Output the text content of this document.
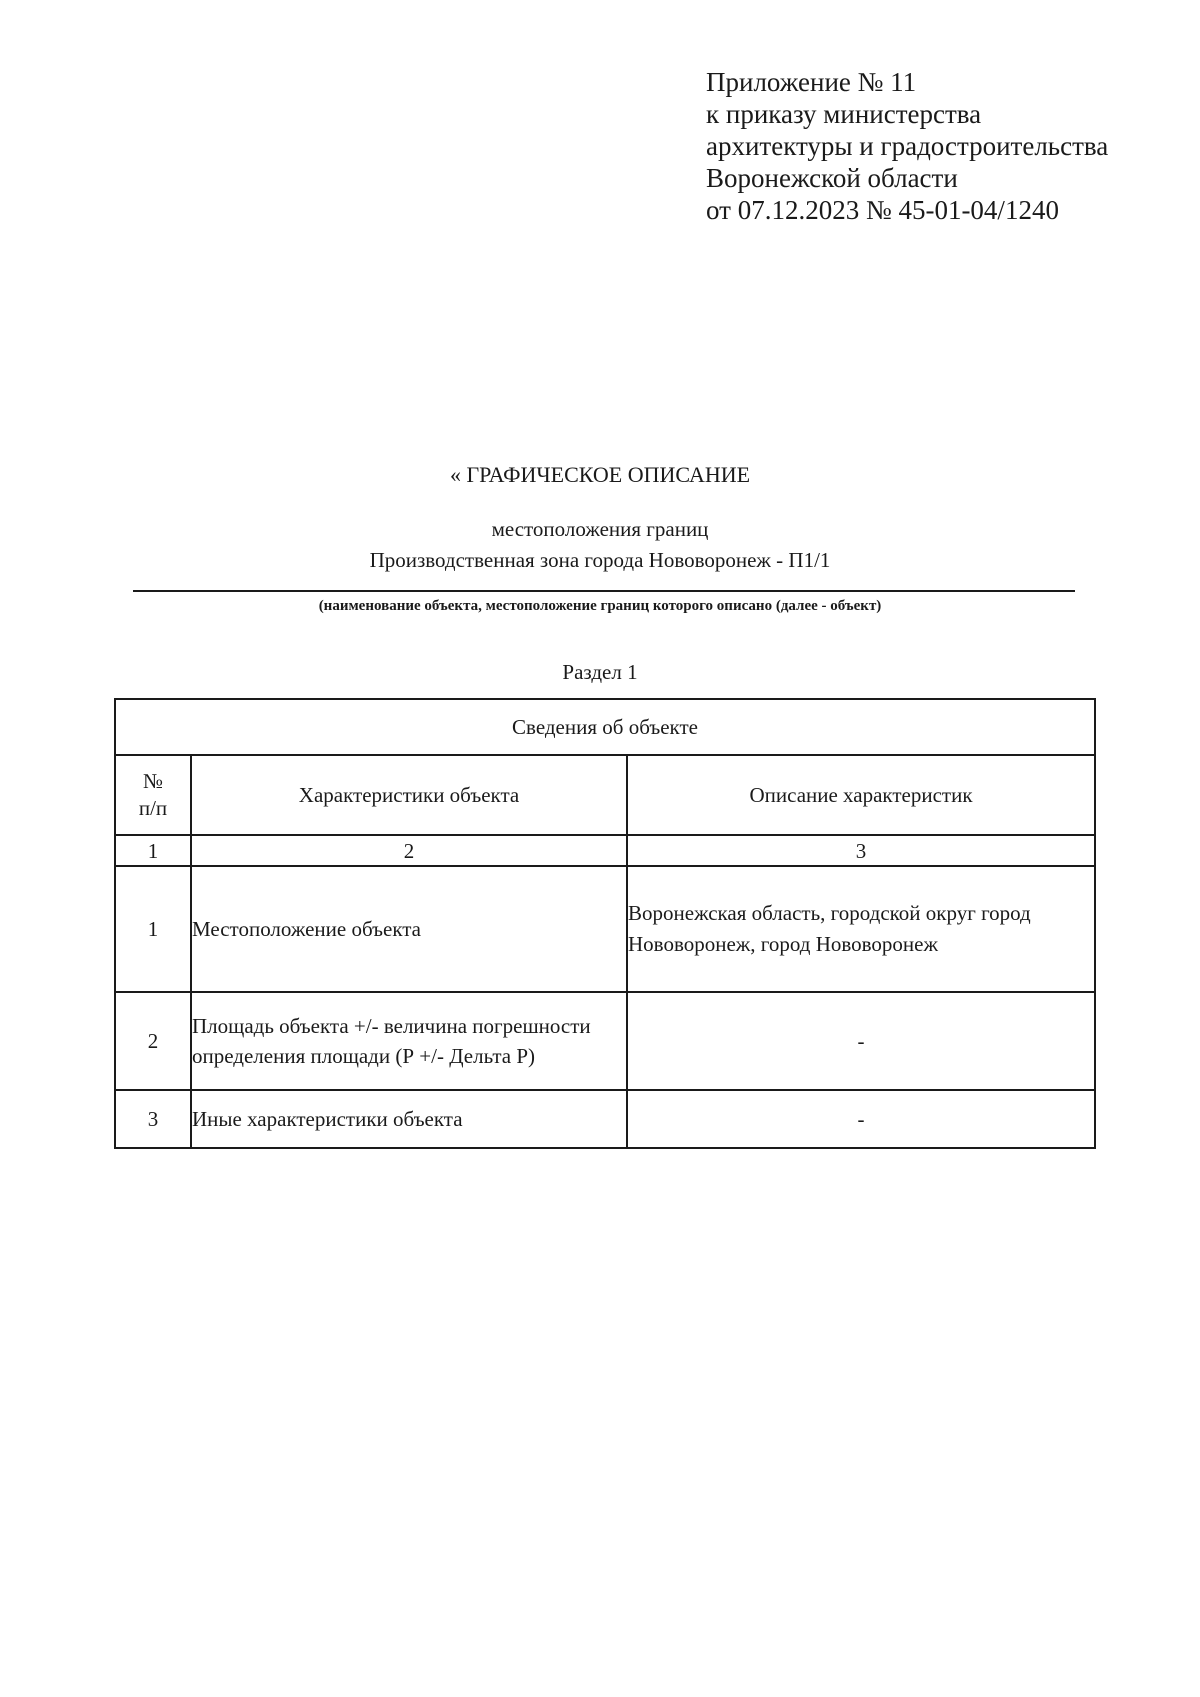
Приложение № 11
к приказу министерства
архитектуры и градостроительства
Воронежской области
от 07.12.2023 № 45-01-04/1240
« ГРАФИЧЕСКОЕ ОПИСАНИЕ
местоположения границ
Производственная зона города Нововоронеж - П1/1
(наименование объекта, местоположение границ которого описано (далее - объект)
Раздел 1
Сведения об объекте		
№ п/п	Характеристики объекта	Описание характеристик
1	2	3
1	Местоположение объекта	Воронежская область, городской округ город Нововоронеж, город Нововоронеж
2	Площадь объекта +/- величина погрешности определения площади (Р +/- Дельта Р)	-
3	Иные характеристики объекта	-
